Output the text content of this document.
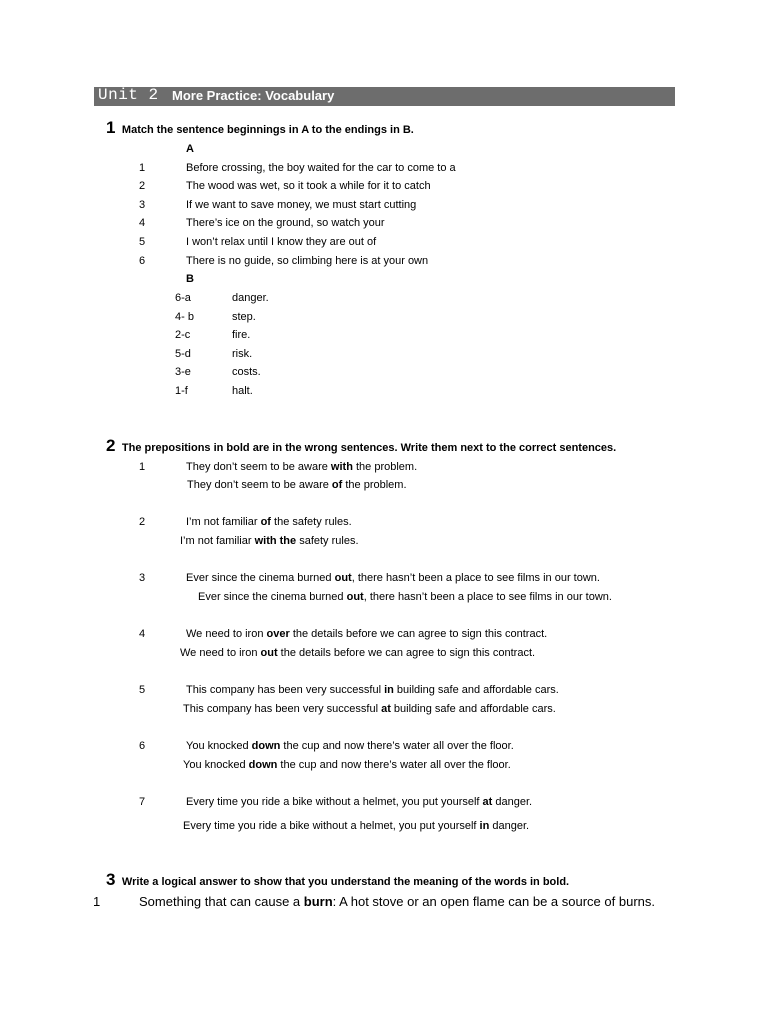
Unit 2 More Practice: Vocabulary
1 Match the sentence beginnings in A to the endings in B.
A
1	Before crossing, the boy waited for the car to come to a
2	The wood was wet, so it took a while for it to catch
3	If we want to save money, we must start cutting
4	There’s ice on the ground, so watch your
5	I won’t relax until I know they are out of
6	There is no guide, so climbing here is at your own
B
6-a	danger.
4- b	step.
2-c	fire.
5-d	risk.
3-e	costs.
1-f	halt.
2 The prepositions in bold are in the wrong sentences. Write them next to the correct sentences.
1	They don’t seem to be aware with the problem.
They don’t seem to be aware of the problem.
2	I’m not familiar of the safety rules.
I’m not familiar with the safety rules.
3	Ever since the cinema burned out, there hasn’t been a place to see films in our town.
Ever since the cinema burned out, there hasn’t been a place to see films in our town.
4	We need to iron over the details before we can agree to sign this contract.
We need to iron out the details before we can agree to sign this contract.
5	This company has been very successful in building safe and affordable cars.
This company has been very successful at building safe and affordable cars.
6	You knocked down the cup and now there’s water all over the floor.
You knocked down the cup and now there’s water all over the floor.
7	Every time you ride a bike without a helmet, you put yourself at danger.
Every time you ride a bike without a helmet, you put yourself in danger.
3 Write a logical answer to show that you understand the meaning of the words in bold.
1	Something that can cause a burn: A hot stove or an open flame can be a source of burns.
